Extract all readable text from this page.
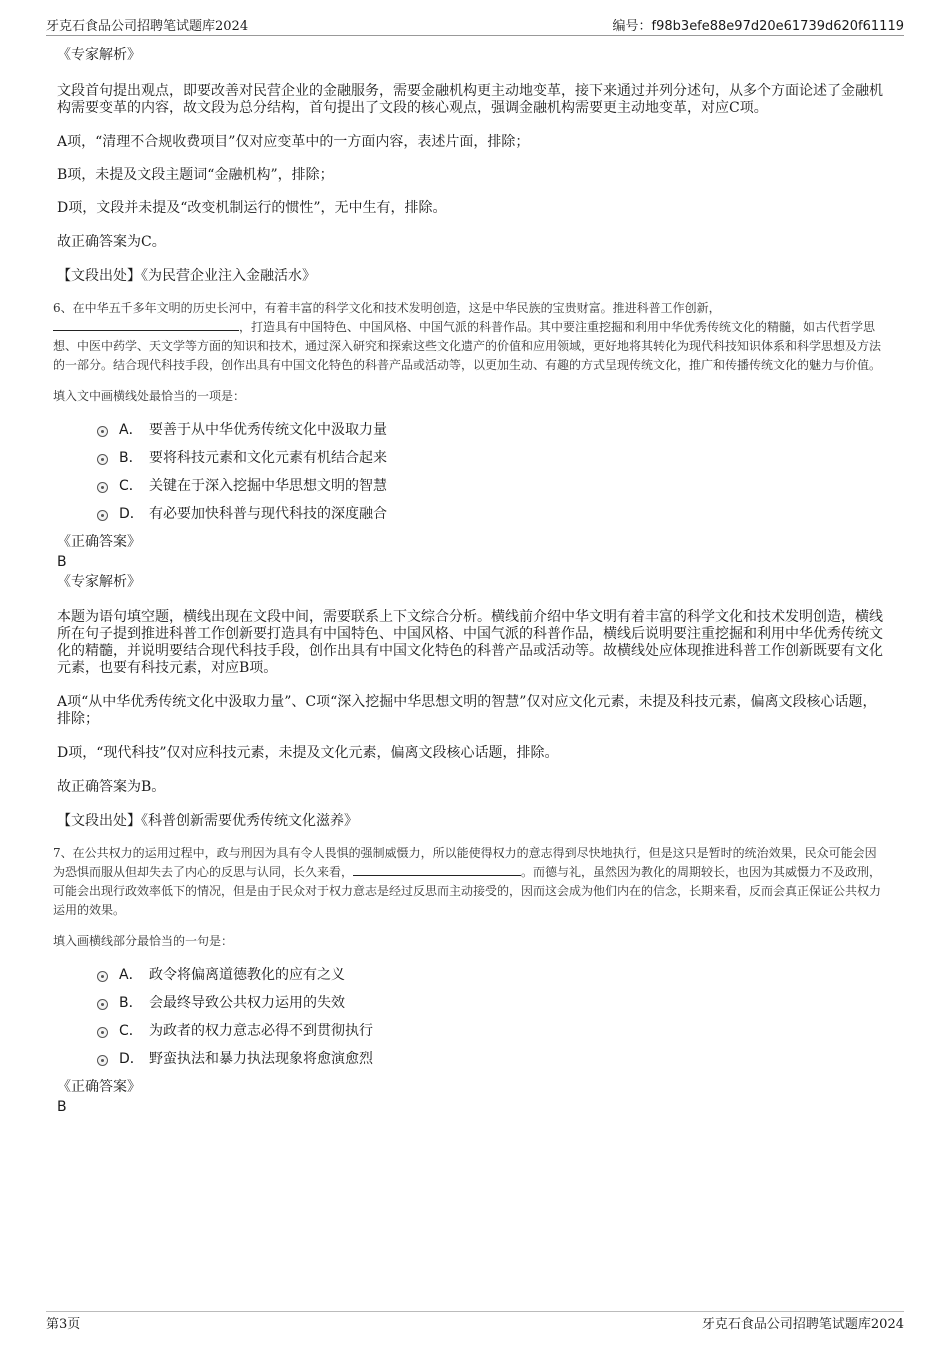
牙克石食品公司招聘笔试题库2024	编号：f98b3efe88e97d20e61739d620f61119

《专家解析》

文段首句提出观点，即要改善对民营企业的金融服务，需要金融机构更主动地变革，接下来通过并列分述句，从多个方面论述了金融机构需要变革的内容，故文段为总分结构，首句提出了文段的核心观点，强调金融机构需要更主动地变革，对应C项。

A项，“清理不合规收费项目”仅对应变革中的一方面内容，表述片面，排除；

B项，未提及文段主题词“金融机构”，排除；

D项，文段并未提及“改变机制运行的惯性”，无中生有，排除。

故正确答案为C。

【文段出处】《为民营企业注入金融活水》

6、在中华五千多年文明的历史长河中，有着丰富的科学文化和技术发明创造，这是中华民族的宝贵财富。推进科普工作创新，
，打造具有中国特色、中国风格、中国气派的科普作品。其中要注重挖掘和利用中华优秀传统文化的精髓，如古代哲学思想、中医中药学、天文学等方面的知识和技术，通过深入研究和探索这些文化遗产的价值和应用领域，更好地将其转化为现代科技知识体系和科学思想及方法的一部分。结合现代科技手段，创作出具有中国文化特色的科普产品或活动等，以更加生动、有趣的方式呈现传统文化，推广和传播传统文化的魅力与价值。

填入文中画横线处最恰当的一项是：

A． 要善于从中华优秀传统文化中汲取力量
B． 要将科技元素和文化元素有机结合起来
C． 关键在于深入挖掘中华思想文明的智慧
D． 有必要加快科普与现代科技的深度融合

《正确答案》

B

《专家解析》

本题为语句填空题，横线出现在文段中间，需要联系上下文综合分析。横线前介绍中华文明有着丰富的科学文化和技术发明创造，横线所在句子提到推进科普工作创新要打造具有中国特色、中国风格、中国气派的科普作品，横线后说明要注重挖掘和利用中华优秀传统文化的精髓，并说明要结合现代科技手段，创作出具有中国文化特色的科普产品或活动等。故横线处应体现推进科普工作创新既要有文化元素，也要有科技元素，对应B项。

A项“从中华优秀传统文化中汲取力量”、C项“深入挖掘中华思想文明的智慧”仅对应文化元素，未提及科技元素，偏离文段核心话题，排除；

D项，“现代科技”仅对应科技元素，未提及文化元素，偏离文段核心话题，排除。

故正确答案为B。

【文段出处】《科普创新需要优秀传统文化滋养》

7、在公共权力的运用过程中，政与刑因为具有令人畏惧的强制威慑力，所以能使得权力的意志得到尽快地执行，但是这只是暂时的统治效果，民众可能会因为恐惧而服从但却失去了内心的反思与认同，长久来看，	。而德与礼，虽然因为教化的周期较长，也因为其威慑力不及政刑，可能会出现行政效率低下的情况，但是由于民众对于权力意志是经过反思而主动接受的，因而这会成为他们内在的信念，长期来看，反而会真正保证公共权力运用的效果。

填入画横线部分最恰当的一句是：

A． 政令将偏离道德教化的应有之义
B． 会最终导致公共权力运用的失效
C． 为政者的权力意志必得不到贯彻执行
D． 野蛮执法和暴力执法现象将愈演愈烈

《正确答案》

B

第3页	牙克石食品公司招聘笔试题库2024
